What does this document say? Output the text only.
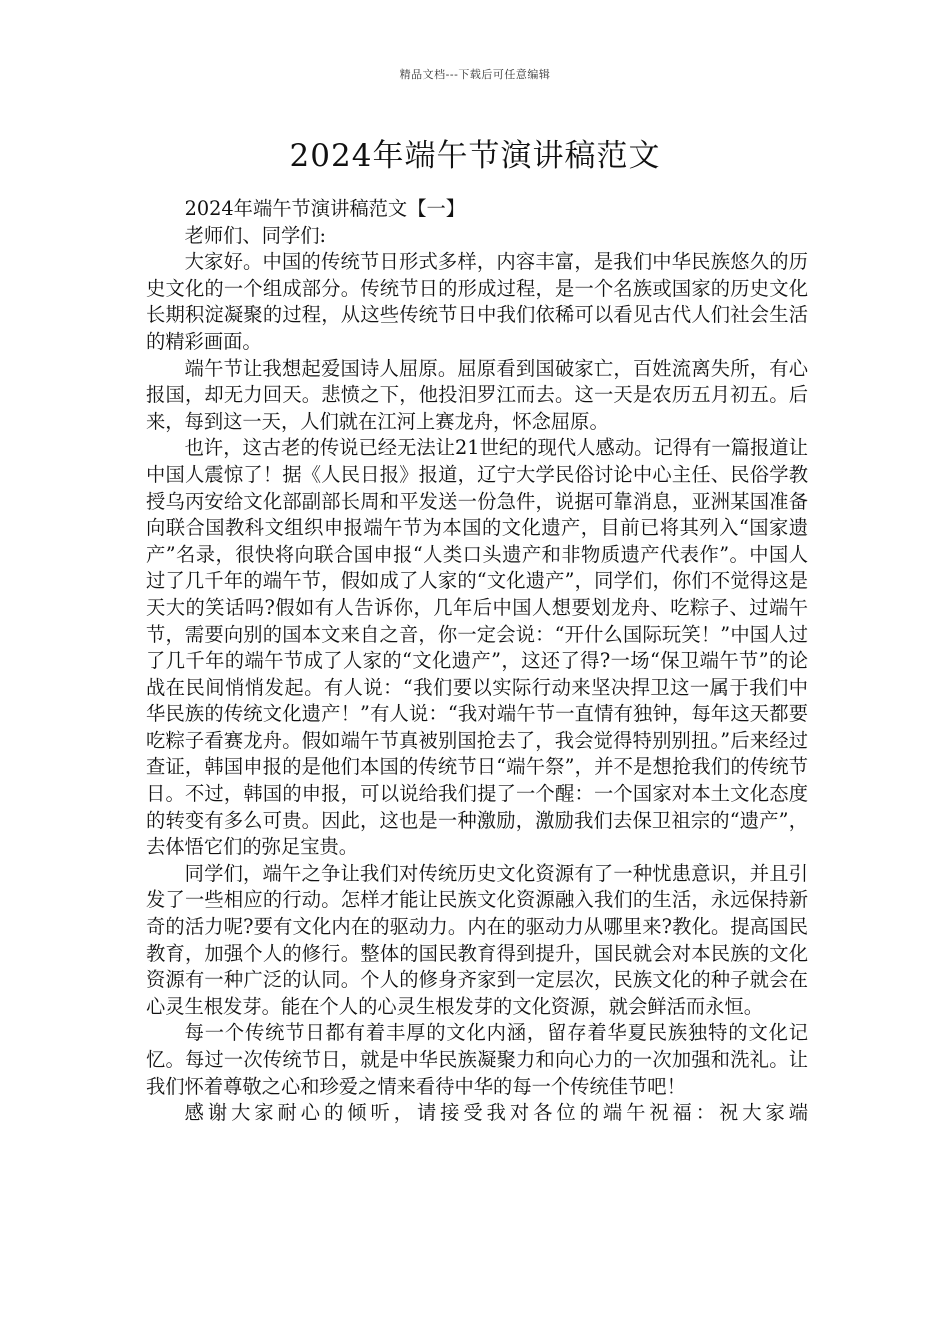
精品文档---下载后可任意编辑
2024年端午节演讲稿范文

2024年端午节演讲稿范文【一】

老师们、同学们:

大家好。中国的传统节日形式多样，内容丰富，是我们中华民族悠久的历史文化的一个组成部分。传统节日的形成过程，是一个名族或国家的历史文化长期积淀凝聚的过程，从这些传统节日中我们依稀可以看见古代人们社会生活的精彩画面。

端午节让我想起爱国诗人屈原。屈原看到国破家亡，百姓流离失所，有心报国，却无力回天。悲愤之下，他投汨罗江而去。这一天是农历五月初五。后来，每到这一天，人们就在江河上赛龙舟，怀念屈原。

也许，这古老的传说已经无法让21世纪的现代人感动。记得有一篇报道让中国人震惊了！据《人民日报》报道，辽宁大学民俗讨论中心主任、民俗学教授乌丙安给文化部副部长周和平发送一份急件，说据可靠消息，亚洲某国准备向联合国教科文组织申报端午节为本国的文化遗产，目前已将其列入“国家遗产”名录，很快将向联合国申报“人类口头遗产和非物质遗产代表作”。中国人过了几千年的端午节，假如成了人家的“文化遗产”，同学们，你们不觉得这是天大的笑话吗?假如有人告诉你，几年后中国人想要划龙舟、吃粽子、过端午节，需要向别的国本文来自之音，你一定会说：“开什么国际玩笑！”中国人过了几千年的端午节成了人家的“文化遗产”，这还了得?一场“保卫端午节”的论战在民间悄悄发起。有人说：“我们要以实际行动来坚决捍卫这一属于我们中华民族的传统文化遗产！”有人说：“我对端午节一直情有独钟，每年这天都要吃粽子看赛龙舟。假如端午节真被别国抢去了，我会觉得特别别扭。”后来经过查证，韩国申报的是他们本国的传统节日“端午祭”，并不是想抢我们的传统节日。不过，韩国的申报，可以说给我们提了一个醒：一个国家对本土文化态度的转变有多么可贵。因此，这也是一种激励，激励我们去保卫祖宗的“遗产”，去体悟它们的弥足宝贵。

同学们，端午之争让我们对传统历史文化资源有了一种忧患意识，并且引发了一些相应的行动。怎样才能让民族文化资源融入我们的生活，永远保持新奇的活力呢?要有文化内在的驱动力。内在的驱动力从哪里来?教化。提高国民教育，加强个人的修行。整体的国民教育得到提升，国民就会对本民族的文化资源有一种广泛的认同。个人的修身齐家到一定层次，民族文化的种子就会在心灵生根发芽。能在个人的心灵生根发芽的文化资源，就会鲜活而永恒。

每一个传统节日都有着丰厚的文化内涵，留存着华夏民族独特的文化记忆。每过一次传统节日，就是中华民族凝聚力和向心力的一次加强和洗礼。让我们怀着尊敬之心和珍爱之情来看待中华的每一个传统佳节吧！

感谢大家耐心的倾听，请接受我对各位的端午祝福：祝大家端
